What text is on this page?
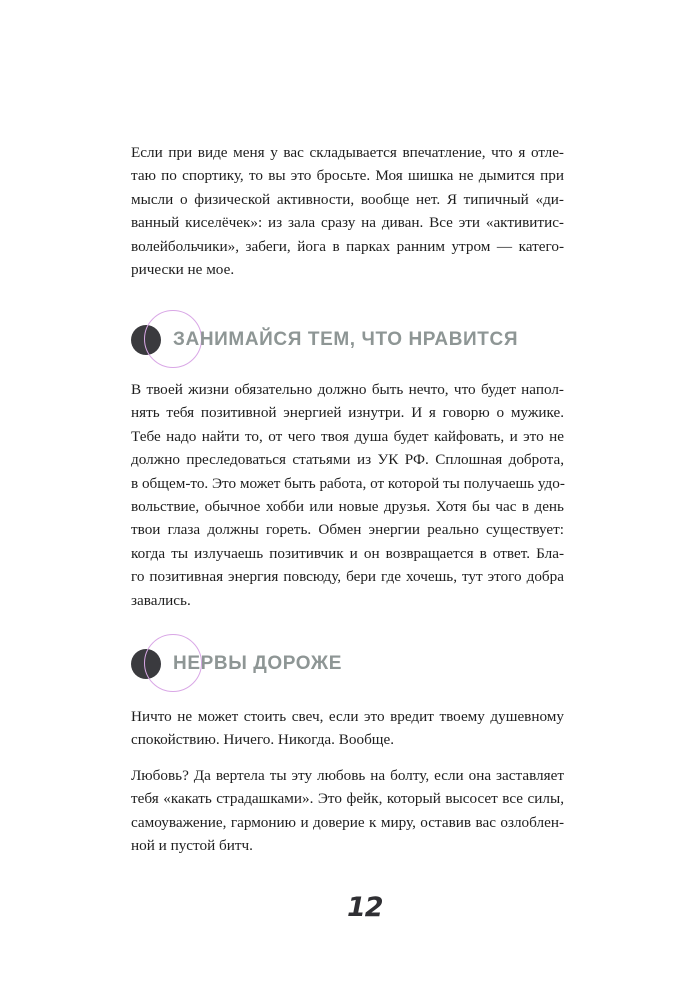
Если при виде меня у вас складывается впечатление, что я отле-
таю по спортику, то вы это бросьте. Моя шишка не дымится при
мысли о физической активности, вообще нет. Я типичный «ди-
ванный киселёчек»: из зала сразу на диван. Все эти «активитис-
волейбольчики», забеги, йога в парках ранним утром — катего-
рически не мое.

ЗАНИМАЙСЯ ТЕМ, ЧТО НРАВИТСЯ

В твоей жизни обязательно должно быть нечто, что будет напол-
нять тебя позитивной энергией изнутри. И я говорю о мужике.
Тебе надо найти то, от чего твоя душа будет кайфовать, и это не
должно преследоваться статьями из УК РФ. Сплошная доброта,
в общем-то. Это может быть работа, от которой ты получаешь удо-
вольствие, обычное хобби или новые друзья. Хотя бы час в день
твои глаза должны гореть. Обмен энергии реально существует:
когда ты излучаешь позитивчик и он возвращается в ответ. Бла-
го позитивная энергия повсюду, бери где хочешь, тут этого добра
завались.

НЕРВЫ ДОРОЖЕ

Ничто не может стоить свеч, если это вредит твоему душевному
спокойствию. Ничего. Никогда. Вообще.

Любовь? Да вертела ты эту любовь на болту, если она заставляет
тебя «какать страдашками». Это фейк, который высосет все силы,
самоуважение, гармонию и доверие к миру, оставив вас озлоблен-
ной и пустой битч.

12
